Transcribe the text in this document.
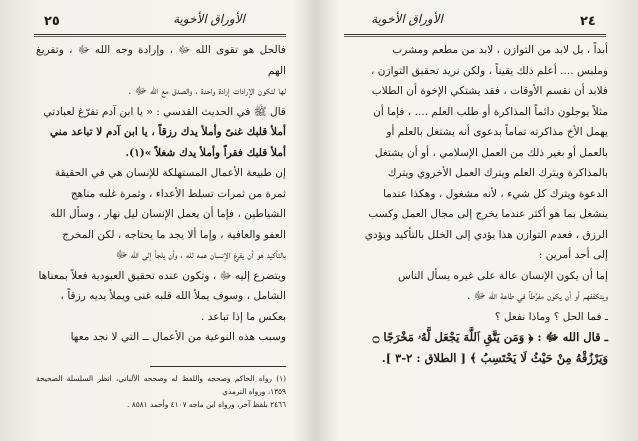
٢٥	الأوراق الأخوية

فالحل هو تقوى الله ﷻ ، وإرادة وجه الله ﷻ ، وتفريغ الهم

لها لتكون الإرادات إرادة واحدة ، والصدق مع الله ﷻ .

قال ﷺ في الحديث القدسي : « يا ابن آدم تفرّغ لعبادتي

أملأ قلبك غنىً وأملأ يدك رزقاً ، يا ابن آدم لا تباعد مني

أملأ قلبك فقراً وأملأ يدك شغلاً »(١).

إن طبيعة الأعمال المستهلكة للإنسان هي في الحقيقة

ثمرة من ثمرات تسلط الأعداء ، وثمرة غلبه مناهج

الشياطين ، فإما أن يعمل الإنسان ليل نهار ، وسأل الله

العفو والعافية ، وإما ألا يجد ما يحتاجه ، لكن المخرج

بالتأكيد هو أن يفرغ الإنسان همه لله ، وأن يلجأ إلى الله ﷻ

ويتضرع إليه ﷻ ، وتكون عنده تحقيق العبودية فعلاً بمعناها

الشامل ، وسوف يملأ الله قلبه غنى ويملأ يديه رزقاً ،

بعكس ما إذا تباعد .

وسبب هذه النوعية من الأعمال ــ التي لا نجد معها

(١) رواه الحاكم وصححه واللفظ له وصححه الألباني، انظر السلسلة الصحيحة ١٣٥٩، ورواه الترمذي

٢٤٦٦ بلفظ آخر، ورواه ابن ماجه ٤١٠٧ وأحمد ٨٥٨١ .

٢٤
الأوراق الأخوية

أبداً ، بل لابد من التوازن ، لابد من مطعم ومشرب

وملبس .... أعلم ذلك يقيناً ، ولكن نريد تحقيق التوازن ،

فلابد أن نقسم الأوقات ، فقد يشتكي الإخوة أن الطلاب

مثلاً يوجلون دائماً المذاكرة أو طلب العلم .... ، فإما أن

يهمل الأخ مذاكرته تماماً بدعوى أنه يشتغل بالعلم أو

بالعمل أو بغير ذلك من العمل الإسلامي ، أو أن يشتغل

بالمذاكرة ويترك العلم ويترك العمل الأخروي ويترك

الدعوة ويترك كل شيء ، لأنه مشغول ، وهكذا عندما

ينشغل بما هو أكثر عندما يخرج إلى مجال العمل وكسب

الرزق ، فعدم التوازن هذا يؤدي إلى الخلل بالتأكيد ويؤدي

إلى أحد أمرين :

إما أن يكون الإنسان عالة على غيره يسأل الناس

ويتكففهم أو أن يكون مفرِّطاً في طاعة الله ﷻ .

ـ فما الحل ؟ وماذا نفعل ؟

ـ قال الله ﷻ : ﴿ وَمَن يَتَّقِ ٱللَّهَ يَجْعَل لَّهُۥ مَخْرَجًا ۝

وَيَرْزُقْهُ مِنْ حَيْثُ لَا يَحْتَسِبُ ﴾ [ الطلاق : ٢-٣ ].
